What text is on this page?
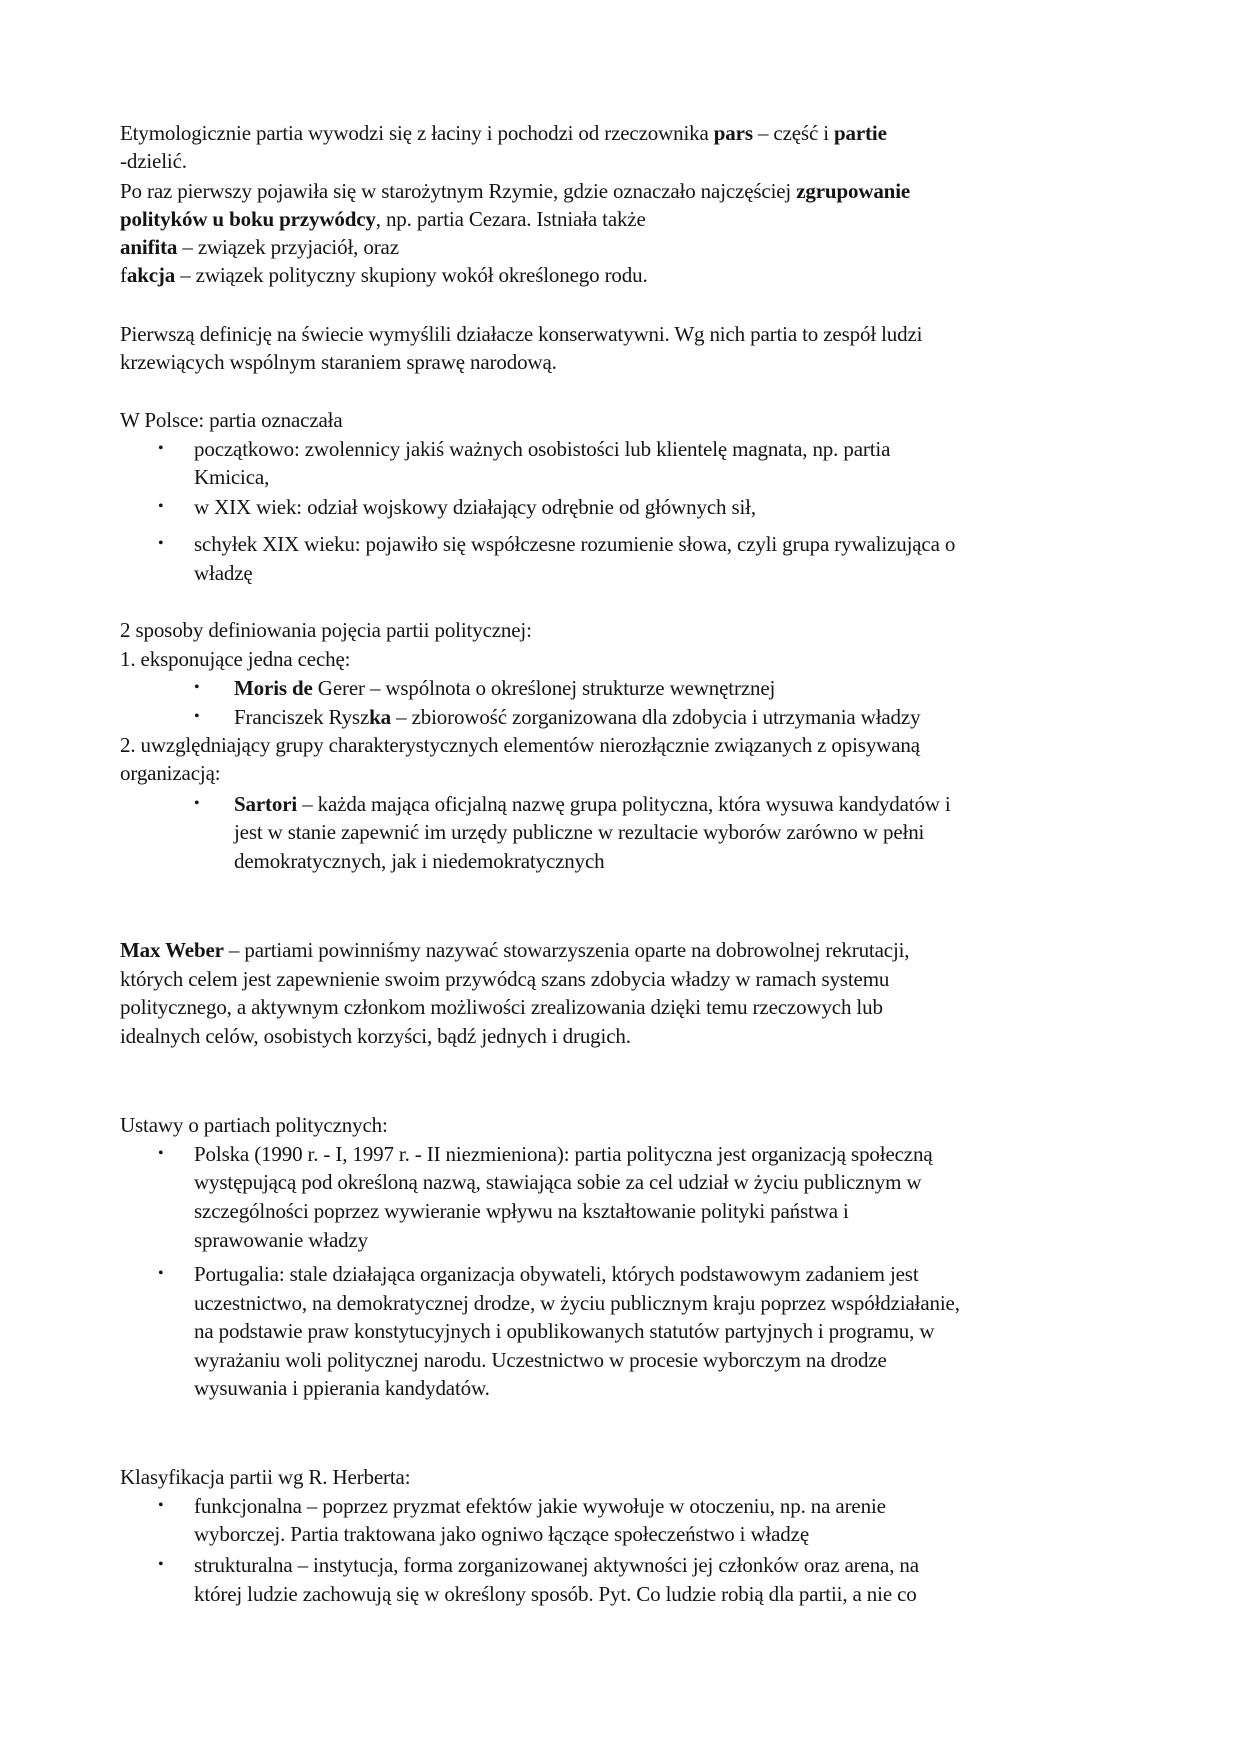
Etymologicznie partia wywodzi się z łaciny i pochodzi od rzeczownika pars – część i partie
-dzielić.
Po raz pierwszy pojawiła się w starożytnym Rzymie, gdzie oznaczało najczęściej zgrupowanie
polityków u boku przywódcy, np. partia Cezara. Istniała także
anifita – związek przyjaciół, oraz
fakcja – związek polityczny skupiony wokół określonego rodu.
Pierwszą definicję na świecie wymyślili działacze konserwatywni. Wg nich partia to zespół ludzi
krzewiących wspólnym staraniem sprawę narodową.
W Polsce: partia oznaczała
• początkowo: zwolennicy jakiś ważnych osobistości lub klientelę magnata, np. partia
Kmicica,
• w XIX wiek: odział wojskowy działający odrębnie od głównych sił,
• schyłek XIX wieku: pojawiło się współczesne rozumienie słowa, czyli grupa rywalizująca o
władzę
2 sposoby definiowania pojęcia partii politycznej:
1. eksponujące jedna cechę:
• Moris de Gerer – wspólnota o określonej strukturze wewnętrznej
• Franciszek Ryszka – zbiorowość zorganizowana dla zdobycia i utrzymania władzy
2. uwzględniający grupy charakterystycznych elementów nierozłącznie związanych z opisywaną
organizacją:
• Sartori – każda mająca oficjalną nazwę grupa polityczna, która wysuwa kandydatów i
jest w stanie zapewnić im urzędy publiczne w rezultacie wyborów zarówno w pełni
demokratycznych, jak i niedemokratycznych
Max Weber – partiami powinniśmy nazywać stowarzyszenia oparte na dobrowolnej rekrutacji,
których celem jest zapewnienie swoim przywódcą szans zdobycia władzy w ramach systemu
politycznego, a aktywnym członkom możliwości zrealizowania dzięki temu rzeczowych lub
idealnych celów, osobistych korzyści, bądź jednych i drugich.
Ustawy o partiach politycznych:
• Polska (1990 r. - I, 1997 r. - II niezmieniona): partia polityczna jest organizacją społeczną
występującą pod określoną nazwą, stawiająca sobie za cel udział w życiu publicznym w
szczególności poprzez wywieranie wpływu na kształtowanie polityki państwa i
sprawowanie władzy
• Portugalia: stale działająca organizacja obywateli, których podstawowym zadaniem jest
uczestnictwo, na demokratycznej drodze, w życiu publicznym kraju poprzez współdziałanie,
na podstawie praw konstytucyjnych i opublikowanych statutów partyjnych i programu, w
wyrażaniu woli politycznej narodu. Uczestnictwo w procesie wyborczym na drodze
wysuwania i ppierania kandydatów.
Klasyfikacja partii wg R. Herberta:
• funkcjonalna – poprzez pryzmat efektów jakie wywołuje w otoczeniu, np. na arenie
wyborczej. Partia traktowana jako ogniwo łączące społeczeństwo i władzę
• strukturalna – instytucja, forma zorganizowanej aktywności jej członków oraz arena, na
której ludzie zachowują się w określony sposób. Pyt. Co ludzie robią dla partii, a nie co
